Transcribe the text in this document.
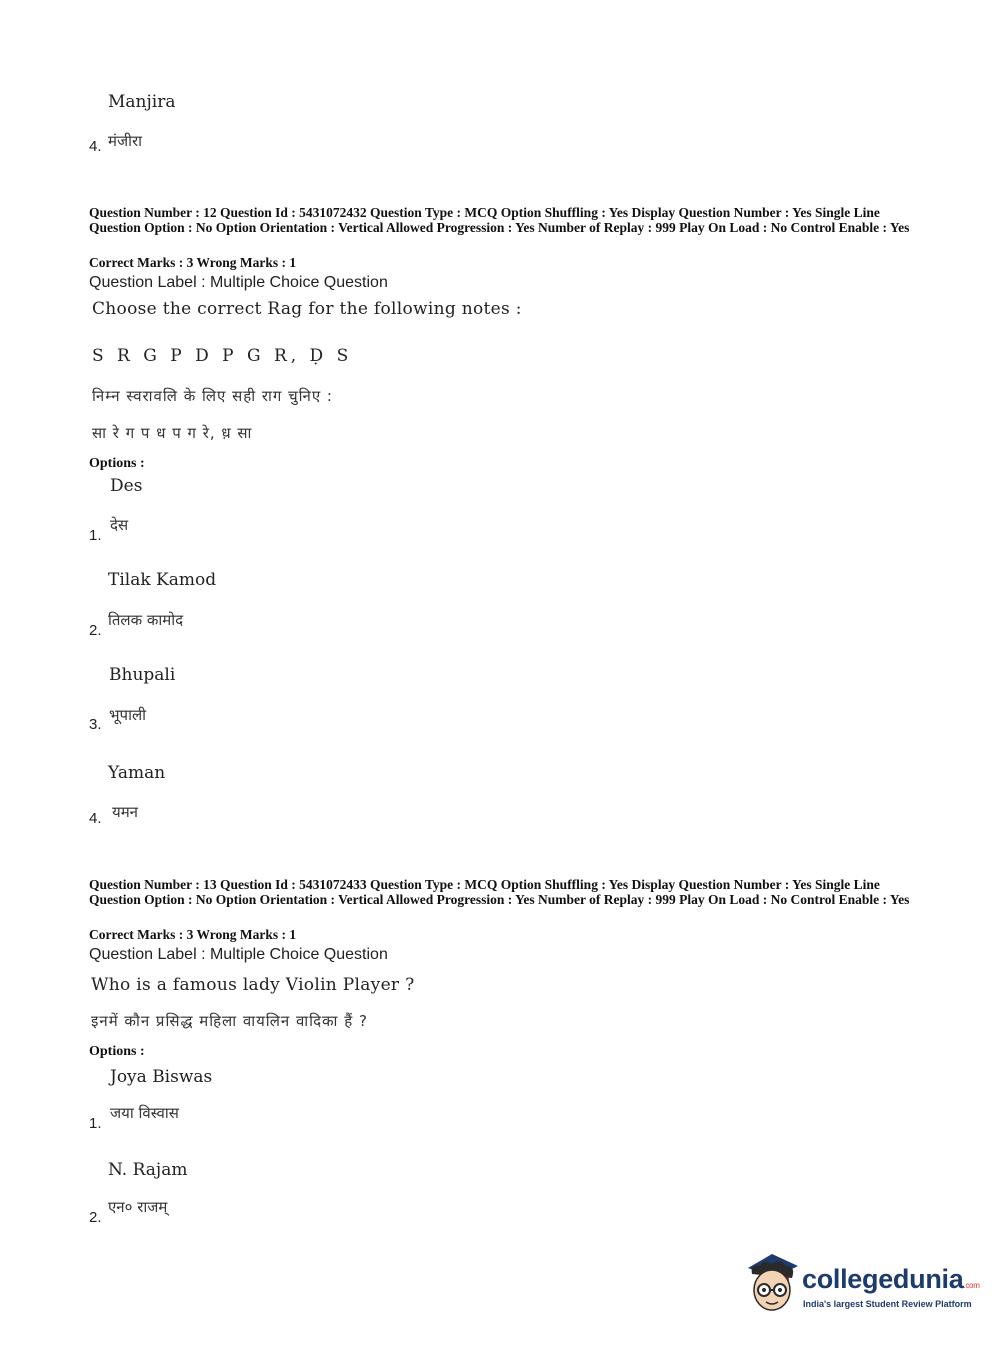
Manjira
4. मंजीरा
Question Number : 12 Question Id : 5431072432 Question Type : MCQ Option Shuffling : Yes Display Question Number : Yes Single Line Question Option : No Option Orientation : Vertical Allowed Progression : Yes Number of Replay : 999 Play On Load : No Control Enable : Yes
Correct Marks : 3 Wrong Marks : 1
Question Label : Multiple Choice Question
Choose the correct Rag for the following notes :
S R G P D P G R, Ḍ S
निम्न स्वरावलि के लिए सही राग चुनिए :
सा रे ग प ध प ग रे, ध़ सा
Options :
Des
1.
देस
Tilak Kamod
2.
तिलक कामोद
Bhupali
3.
भूपाली
Yaman
4. यमन
Question Number : 13 Question Id : 5431072433 Question Type : MCQ Option Shuffling : Yes Display Question Number : Yes Single Line Question Option : No Option Orientation : Vertical Allowed Progression : Yes Number of Replay : 999 Play On Load : No Control Enable : Yes
Correct Marks : 3 Wrong Marks : 1
Question Label : Multiple Choice Question
Who is a famous lady Violin Player ?
इनमें कौन प्रसिद्ध महिला वायलिन वादिका हैं ?
Options :
Joya Biswas
1.
जया विस्वास
N. Rajam
2.
एन० राजम्
collegedunia.com
India's largest Student Review Platform
